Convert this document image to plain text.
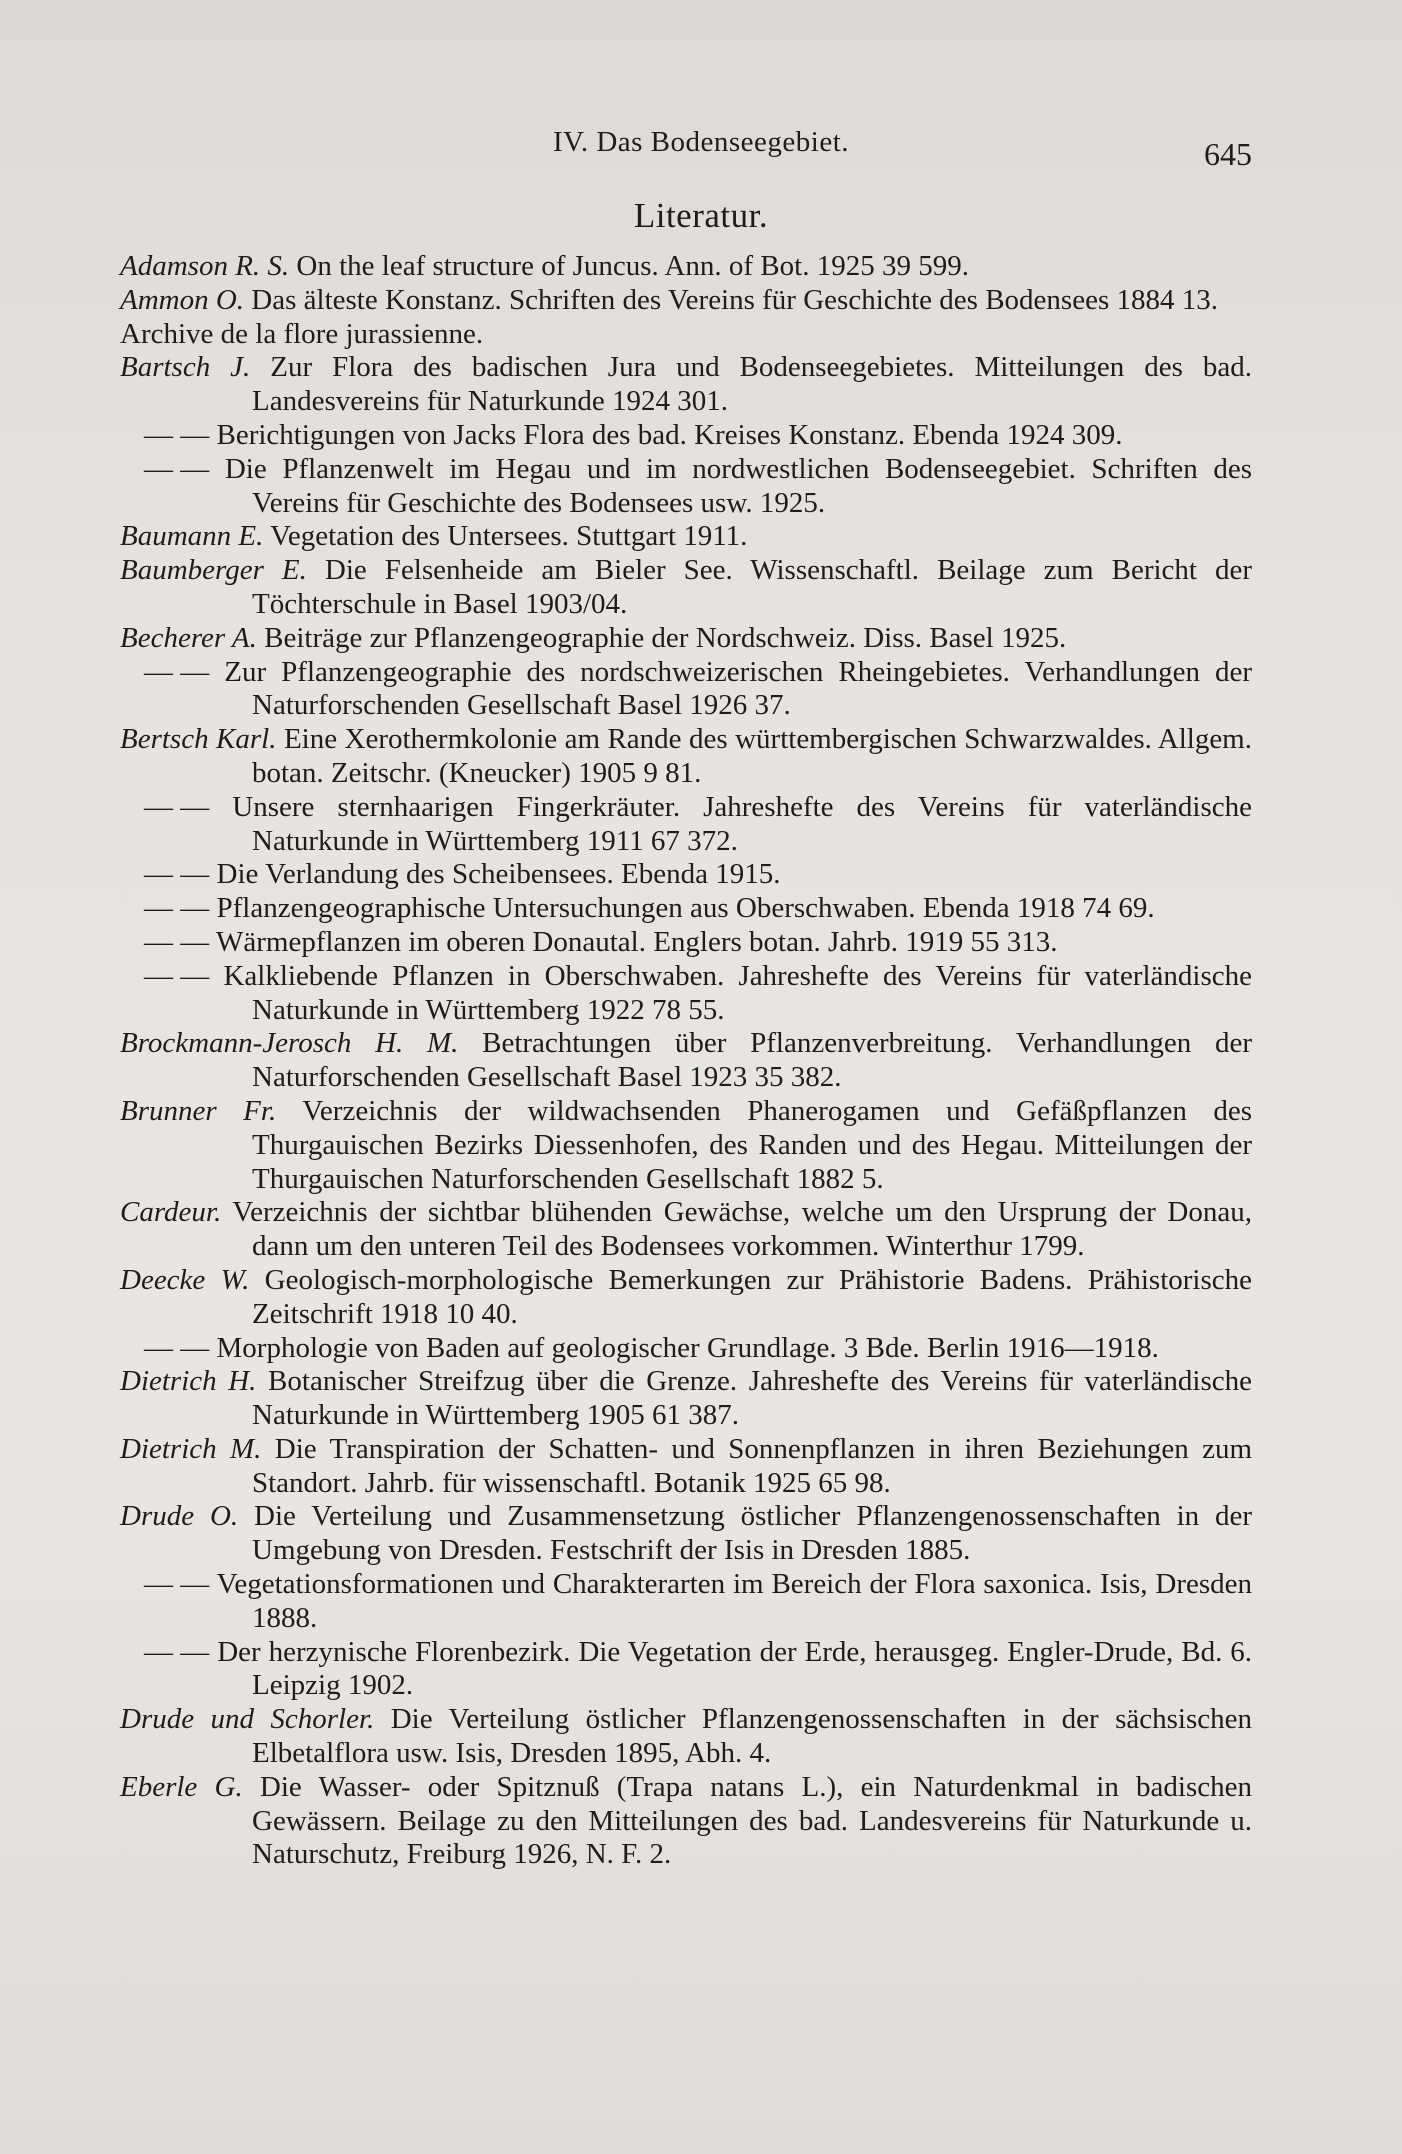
IV. Das Bodenseegebiet.	645
Literatur.
Adamson R. S. On the leaf structure of Juncus. Ann. of Bot. 1925 39 599.
Ammon O. Das älteste Konstanz. Schriften des Vereins für Geschichte des Bodensees 1884 13.
Archive de la flore jurassienne.
Bartsch J. Zur Flora des badischen Jura und Bodenseegebietes. Mitteilungen des bad. Landesvereins für Naturkunde 1924 301.
— — Berichtigungen von Jacks Flora des bad. Kreises Konstanz. Ebenda 1924 309.
— — Die Pflanzenwelt im Hegau und im nordwestlichen Bodenseegebiet. Schriften des Vereins für Geschichte des Bodensees usw. 1925.
Baumann E. Vegetation des Untersees. Stuttgart 1911.
Baumberger E. Die Felsenheide am Bieler See. Wissenschaftl. Beilage zum Bericht der Töchterschule in Basel 1903/04.
Becherer A. Beiträge zur Pflanzengeographie der Nordschweiz. Diss. Basel 1925.
— — Zur Pflanzengeographie des nordschweizerischen Rheingebietes. Verhandlungen der Naturforschenden Gesellschaft Basel 1926 37.
Bertsch Karl. Eine Xerothermkolonie am Rande des württembergischen Schwarzwaldes. Allgem. botan. Zeitschr. (Kneucker) 1905 9 81.
— — Unsere sternhaarigen Fingerkräuter. Jahreshefte des Vereins für vaterländische Naturkunde in Württemberg 1911 67 372.
— — Die Verlandung des Scheibensees. Ebenda 1915.
— — Pflanzengeographische Untersuchungen aus Oberschwaben. Ebenda 1918 74 69.
— — Wärmepflanzen im oberen Donautal. Englers botan. Jahrb. 1919 55 313.
— — Kalkliebende Pflanzen in Oberschwaben. Jahreshefte des Vereins für vaterländische Naturkunde in Württemberg 1922 78 55.
Brockmann-Jerosch H. M. Betrachtungen über Pflanzenverbreitung. Verhandlungen der Naturforschenden Gesellschaft Basel 1923 35 382.
Brunner Fr. Verzeichnis der wildwachsenden Phanerogamen und Gefäßpflanzen des Thurgauischen Bezirks Diessenhofen, des Randen und des Hegau. Mitteilungen der Thurgauischen Naturforschenden Gesellschaft 1882 5.
Cardeur. Verzeichnis der sichtbar blühenden Gewächse, welche um den Ursprung der Donau, dann um den unteren Teil des Bodensees vorkommen. Winterthur 1799.
Deecke W. Geologisch-morphologische Bemerkungen zur Prähistorie Badens. Prähistorische Zeitschrift 1918 10 40.
— — Morphologie von Baden auf geologischer Grundlage. 3 Bde. Berlin 1916—1918.
Dietrich H. Botanischer Streifzug über die Grenze. Jahreshefte des Vereins für vaterländische Naturkunde in Württemberg 1905 61 387.
Dietrich M. Die Transpiration der Schatten- und Sonnenpflanzen in ihren Beziehungen zum Standort. Jahrb. für wissenschaftl. Botanik 1925 65 98.
Drude O. Die Verteilung und Zusammensetzung östlicher Pflanzengenossenschaften in der Umgebung von Dresden. Festschrift der Isis in Dresden 1885.
— — Vegetationsformationen und Charakterarten im Bereich der Flora saxonica. Isis, Dresden 1888.
— — Der herzynische Florenbezirk. Die Vegetation der Erde, herausgeg. Engler-Drude, Bd. 6. Leipzig 1902.
Drude und Schorler. Die Verteilung östlicher Pflanzengenossenschaften in der sächsischen Elbetalflora usw. Isis, Dresden 1895, Abh. 4.
Eberle G. Die Wasser- oder Spitznuß (Trapa natans L.), ein Naturdenkmal in badischen Gewässern. Beilage zu den Mitteilungen des bad. Landesvereins für Naturkunde u. Naturschutz, Freiburg 1926, N. F. 2.
